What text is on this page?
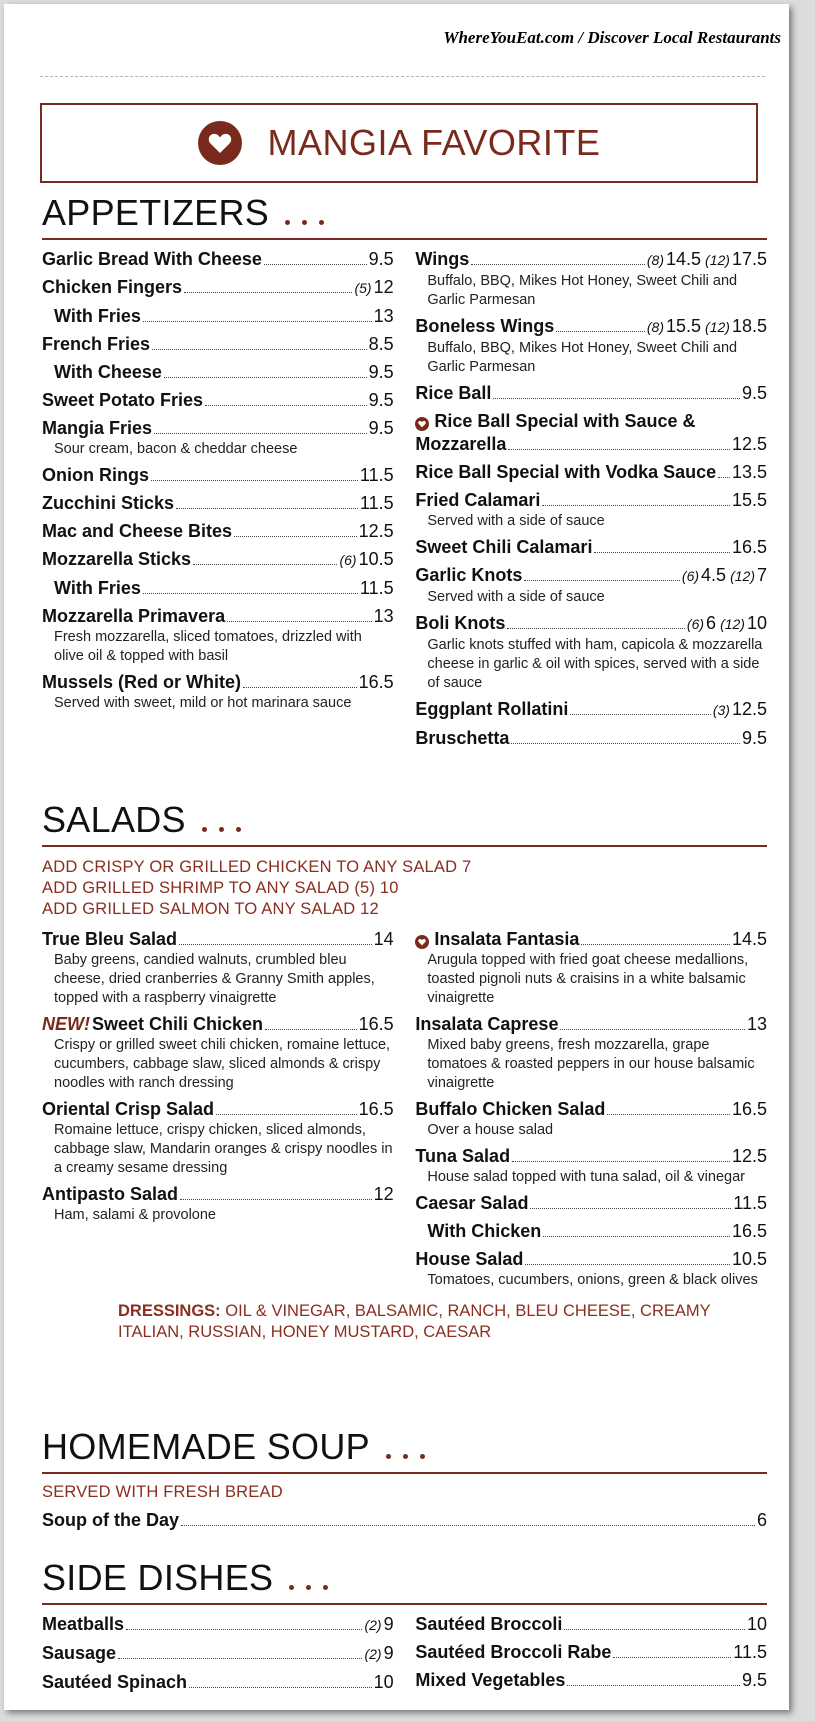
WhereYouEat.com / Discover Local Restaurants
MANGIA FAVORITE
APPETIZERS
Garlic Bread With Cheese	9.5
Chicken Fingers	(5) 12
With Fries	13
French Fries	8.5
With Cheese	9.5
Sweet Potato Fries	9.5
Mangia Fries	9.5
Sour cream, bacon & cheddar cheese
Onion Rings	11.5
Zucchini Sticks	11.5
Mac and Cheese Bites	12.5
Mozzarella Sticks	(6) 10.5
With Fries	11.5
Mozzarella Primavera	13
Fresh mozzarella, sliced tomatoes, drizzled with olive oil & topped with basil
Mussels (Red or White)	16.5
Served with sweet, mild or hot marinara sauce
Wings	(8) 14.5 (12) 17.5
Buffalo, BBQ, Mikes Hot Honey, Sweet Chili and Garlic Parmesan
Boneless Wings	(8) 15.5 (12) 18.5
Buffalo, BBQ, Mikes Hot Honey, Sweet Chili and Garlic Parmesan
Rice Ball	9.5
Rice Ball Special with Sauce &
Mozzarella	12.5
Rice Ball Special with Vodka Sauce 13.5
Fried Calamari	15.5
Served with a side of sauce
Sweet Chili Calamari	16.5
Garlic Knots	(6) 4.5 (12) 7
Served with a side of sauce
Boli Knots	(6) 6 (12) 10
Garlic knots stuffed with ham, capicola & mozzarella cheese in garlic & oil with spices, served with a side of sauce
Eggplant Rollatini	(3) 12.5
Bruschetta	9.5
SALADS
ADD CRISPY OR GRILLED CHICKEN TO ANY SALAD 7
ADD GRILLED SHRIMP TO ANY SALAD (5) 10
ADD GRILLED SALMON TO ANY SALAD 12
True Bleu Salad	14
Baby greens, candied walnuts, crumbled bleu cheese, dried cranberries & Granny Smith apples, topped with a raspberry vinaigrette
NEW! Sweet Chili Chicken	16.5
Crispy or grilled sweet chili chicken, romaine lettuce, cucumbers, cabbage slaw, sliced almonds & crispy noodles with ranch dressing
Oriental Crisp Salad	16.5
Romaine lettuce, crispy chicken, sliced almonds, cabbage slaw, Mandarin oranges & crispy noodles in a creamy sesame dressing
Antipasto Salad	12
Ham, salami & provolone
Insalata Fantasia	14.5
Arugula topped with fried goat cheese medallions, toasted pignoli nuts & craisins in a white balsamic vinaigrette
Insalata Caprese	13
Mixed baby greens, fresh mozzarella, grape tomatoes & roasted peppers in our house balsamic vinaigrette
Buffalo Chicken Salad	16.5
Over a house salad
Tuna Salad	12.5
House salad topped with tuna salad, oil & vinegar
Caesar Salad	11.5
With Chicken	16.5
House Salad	10.5
Tomatoes, cucumbers, onions, green & black olives
DRESSINGS: OIL & VINEGAR, BALSAMIC, RANCH, BLEU CHEESE, CREAMY ITALIAN, RUSSIAN, HONEY MUSTARD, CAESAR
HOMEMADE SOUP
SERVED WITH FRESH BREAD
Soup of the Day	6
SIDE DISHES
Meatballs	(2) 9
Sausage	(2) 9
Sautéed Spinach	10
Sautéed Broccoli	10
Sautéed Broccoli Rabe	11.5
Mixed Vegetables	9.5
